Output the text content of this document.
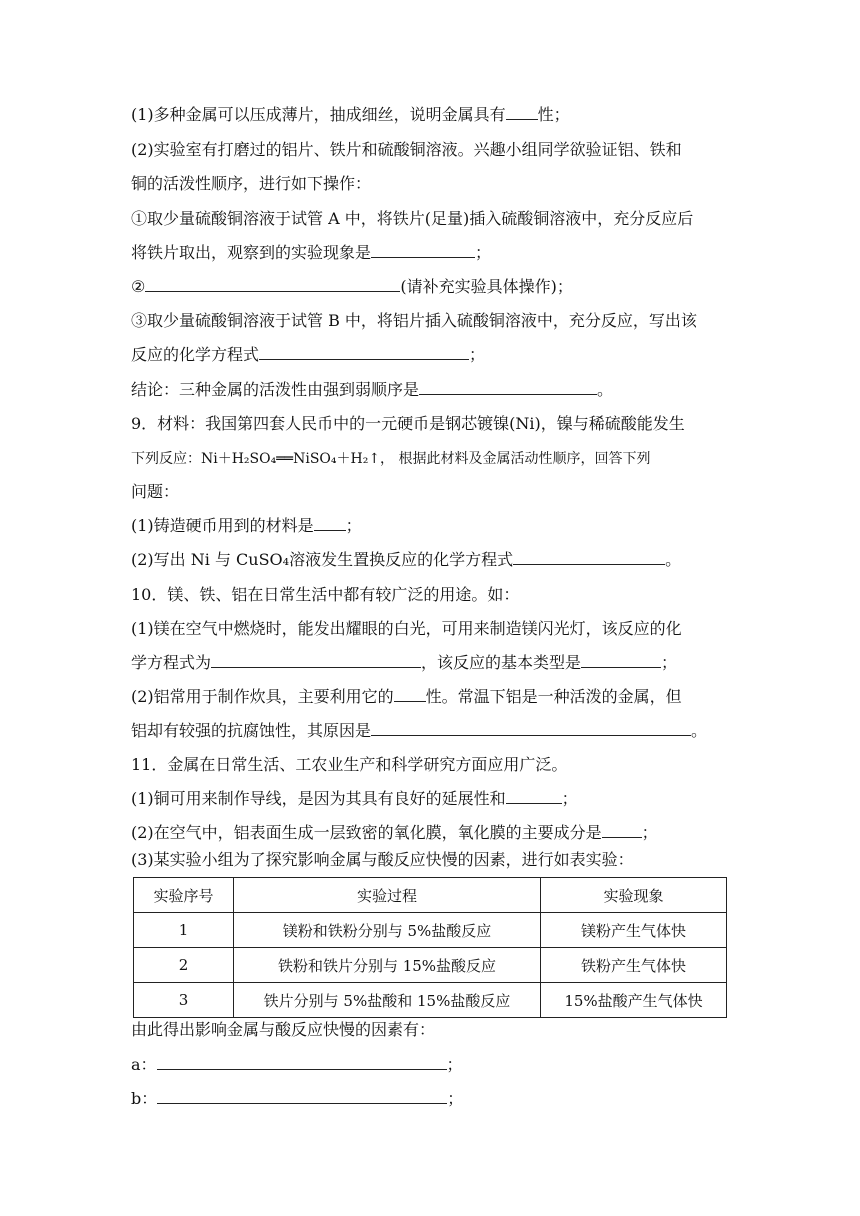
(1)多种金属可以压成薄片，抽成细丝，说明金属具有 性；
(2)实验室有打磨过的铝片、铁片和硫酸铜溶液。兴趣小组同学欲验证铝、铁和
铜的活泼性顺序，进行如下操作：
①取少量硫酸铜溶液于试管 A 中，将铁片(足量)插入硫酸铜溶液中，充分反应后
将铁片取出，观察到的实验现象是	；
②	(请补充实验具体操作)；
③取少量硫酸铜溶液于试管 B 中，将铝片插入硫酸铜溶液中，充分反应，写出该
反应的化学方程式	；
结论：三种金属的活泼性由强到弱顺序是	。
9．材料：我国第四套人民币中的一元硬币是钢芯镀镍(Ni)，镍与稀硫酸能发生
下列反应：Ni＋H₂SO₄══NiSO₄＋H₂↑， 根据此材料及金属活动性顺序，回答下列
问题：
(1)铸造硬币用到的材料是 ；
(2)写出 Ni 与 CuSO₄溶液发生置换反应的化学方程式	。
10．镁、铁、铝在日常生活中都有较广泛的用途。如：
(1)镁在空气中燃烧时，能发出耀眼的白光，可用来制造镁闪光灯，该反应的化
学方程式为	，该反应的基本类型是	；
(2)铝常用于制作炊具，主要利用它的 性。常温下铝是一种活泼的金属，但
铝却有较强的抗腐蚀性，其原因是	。
11．金属在日常生活、工农业生产和科学研究方面应用广泛。
(1)铜可用来制作导线，是因为其具有良好的延展性和	；
(2)在空气中，铝表面生成一层致密的氧化膜，氧化膜的主要成分是	；
(3)某实验小组为了探究影响金属与酸反应快慢的因素，进行如表实验：
实验序号	实验过程	实验现象
1	镁粉和铁粉分别与 5%盐酸反应	镁粉产生气体快
2	铁粉和铁片分别与 15%盐酸反应	铁粉产生气体快
3	铁片分别与 5%盐酸和 15%盐酸反应	15%盐酸产生气体快
由此得出影响金属与酸反应快慢的因素有：
a：	；
b：	；
